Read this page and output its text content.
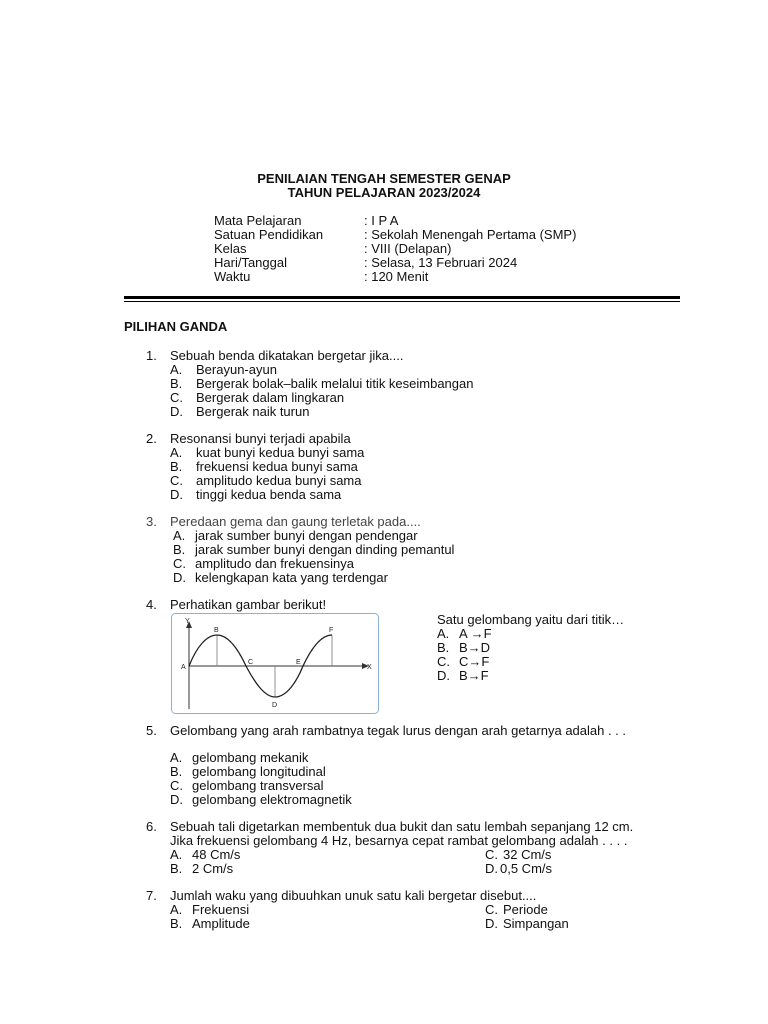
PENILAIAN TENGAH SEMESTER GENAP
TAHUN PELAJARAN 2023/2024
Mata Pelajaran	: I P A
Satuan Pendidikan	: Sekolah Menengah Pertama (SMP)
Kelas	: VIII (Delapan)
Hari/Tanggal	: Selasa, 13 Februari 2024
Waktu	: 120 Menit
PILIHAN GANDA
1. Sebuah benda dikatakan bergetar jika....
A. Berayun-ayun
B. Bergerak bolak–balik melalui titik keseimbangan
C. Bergerak dalam lingkaran
D. Bergerak naik turun
2. Resonansi bunyi terjadi apabila
A. kuat bunyi kedua bunyi sama
B. frekuensi kedua bunyi sama
C. amplitudo kedua bunyi sama
D. tinggi kedua benda sama
3. Peredaan gema dan gaung terletak pada....
A. jarak sumber bunyi dengan pendengar
B. jarak sumber bunyi dengan dinding pemantul
C. amplitudo dan frekuensinya
D. kelengkapan kata yang terdengar
4. Perhatikan gambar berikut!
Y
X
A
B
C
D
E
F
Satu gelombang yaitu dari titik…
A. A →F
B. B→D
C. C→F
D. B→F
5. Gelombang yang arah rambatnya tegak lurus dengan arah getarnya adalah . . .
A. gelombang mekanik
B. gelombang longitudinal
C. gelombang transversal
D. gelombang elektromagnetik
6. Sebuah tali digetarkan membentuk dua bukit dan satu lembah sepanjang 12 cm.
Jika frekuensi gelombang 4 Hz, besarnya cepat rambat gelombang adalah . . . .
A. 48 Cm/s	C. 32 Cm/s
B. 2 Cm/s	D. 0,5 Cm/s
7. Jumlah waku yang dibuuhkan unuk satu kali bergetar disebut....
A. Frekuensi	C. Periode
B. Amplitude	D. Simpangan
